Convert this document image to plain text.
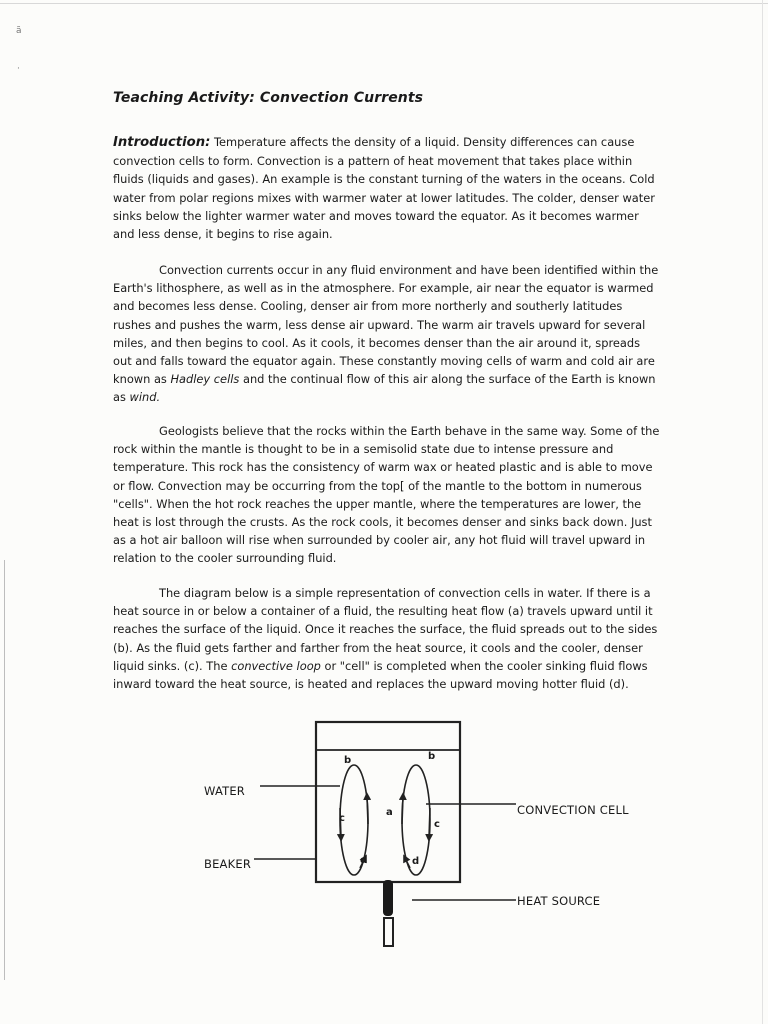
Teaching Activity: Convection Currents

Introduction: Temperature affects the density of a liquid. Density differences can cause convection cells to form. Convection is a pattern of heat movement that takes place within fluids (liquids and gases). An example is the constant turning of the waters in the oceans. Cold water from polar regions mixes with warmer water at lower latitudes. The colder, denser water sinks below the lighter warmer water and moves toward the equator. As it becomes warmer and less dense, it begins to rise again.

Convection currents occur in any fluid environment and have been identified within the Earth's lithosphere, as well as in the atmosphere. For example, air near the equator is warmed and becomes less dense. Cooling, denser air from more northerly and southerly latitudes rushes and pushes the warm, less dense air upward. The warm air travels upward for several miles, and then begins to cool. As it cools, it becomes denser than the air around it, spreads out and falls toward the equator again. These constantly moving cells of warm and cold air are known as Hadley cells and the continual flow of this air along the surface of the Earth is known as wind.

Geologists believe that the rocks within the Earth behave in the same way. Some of the rock within the mantle is thought to be in a semisolid state due to intense pressure and temperature. This rock has the consistency of warm wax or heated plastic and is able to move or flow. Convection may be occurring from the top[ of the mantle to the bottom in numerous "cells". When the hot rock reaches the upper mantle, where the temperatures are lower, the heat is lost through the crusts. As the rock cools, it becomes denser and sinks back down. Just as a hot air balloon will rise when surrounded by cooler air, any hot fluid will travel upward in relation to the cooler surrounding fluid.

The diagram below is a simple representation of convection cells in water. If there is a heat source in or below a container of a fluid, the resulting heat flow (a) travels upward until it reaches the surface of the liquid. Once it reaches the surface, the fluid spreads out to the sides (b). As the fluid gets farther and farther from the heat source, it cools and the cooler, denser liquid sinks. (c). The convective loop or "cell" is completed when the cooler sinking fluid flows inward toward the heat source, is heated and replaces the upward moving hotter fluid (d).

WATER
BEAKER
CONVECTION CELL
HEAT SOURCE
a
b	b
c
c
d	d
ã
·
